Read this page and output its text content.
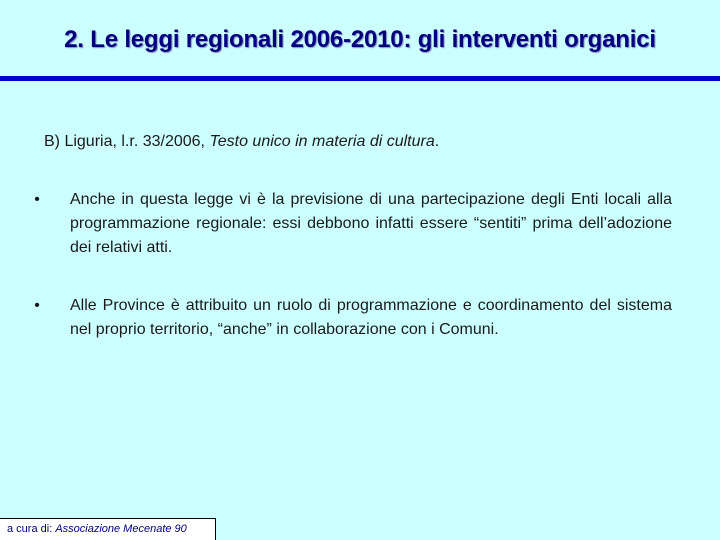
2. Le leggi regionali 2006-2010: gli interventi organici
B) Liguria, l.r. 33/2006, Testo unico in materia di cultura.
• Anche in questa legge vi è la previsione di una partecipazione degli Enti locali alla programmazione regionale: essi debbono infatti essere “sentiti” prima dell’adozione dei relativi atti.
• Alle Province è attribuito un ruolo di programmazione e coordinamento del sistema nel proprio territorio, “anche” in collaborazione con i Comuni.
a cura di: Associazione Mecenate 90
